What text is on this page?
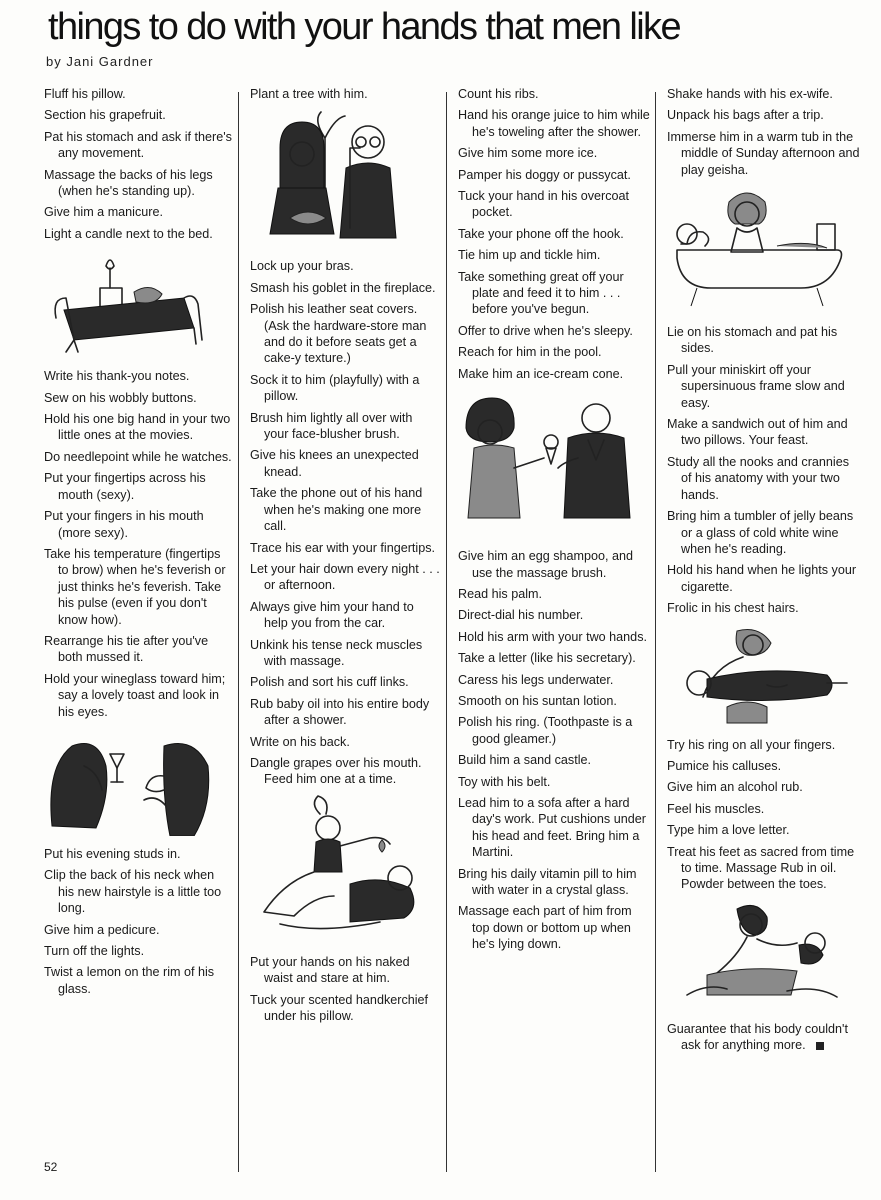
things to do with your hands that men like
by Jani Gardner
Fluff his pillow.
Section his grapefruit.
Pat his stomach and ask if there's any movement.
Massage the backs of his legs (when he's standing up).
Give him a manicure.
Light a candle next to the bed.
Write his thank-you notes.
Sew on his wobbly buttons.
Hold his one big hand in your two little ones at the movies.
Do needlepoint while he watches.
Put your fingertips across his mouth (sexy).
Put your fingers in his mouth (more sexy).
Take his temperature (fingertips to brow) when he's feverish or just thinks he's feverish. Take his pulse (even if you don't know how).
Rearrange his tie after you've both mussed it.
Hold your wineglass toward him; say a lovely toast and look in his eyes.
Put his evening studs in.
Clip the back of his neck when his new hairstyle is a little too long.
Give him a pedicure.
Turn off the lights.
Twist a lemon on the rim of his glass.
Plant a tree with him.
Lock up your bras.
Smash his goblet in the fireplace.
Polish his leather seat covers. (Ask the hardware-store man and do it before seats get a cake-y texture.)
Sock it to him (playfully) with a pillow.
Brush him lightly all over with your face-blusher brush.
Give his knees an unexpected knead.
Take the phone out of his hand when he's making one more call.
Trace his ear with your fingertips.
Let your hair down every night . . . or afternoon.
Always give him your hand to help you from the car.
Unkink his tense neck muscles with massage.
Polish and sort his cuff links.
Rub baby oil into his entire body after a shower.
Write on his back.
Dangle grapes over his mouth. Feed him one at a time.
Put your hands on his naked waist and stare at him.
Tuck your scented handkerchief under his pillow.
Count his ribs.
Hand his orange juice to him while he's toweling after the shower.
Give him some more ice.
Pamper his doggy or pussycat.
Tuck your hand in his overcoat pocket.
Take your phone off the hook.
Tie him up and tickle him.
Take something great off your plate and feed it to him . . . before you've begun.
Offer to drive when he's sleepy.
Reach for him in the pool.
Make him an ice-cream cone.
Give him an egg shampoo, and use the massage brush.
Read his palm.
Direct-dial his number.
Hold his arm with your two hands.
Take a letter (like his secretary).
Caress his legs underwater.
Smooth on his suntan lotion.
Polish his ring. (Toothpaste is a good gleamer.)
Build him a sand castle.
Toy with his belt.
Lead him to a sofa after a hard day's work. Put cushions under his head and feet. Bring him a Martini.
Bring his daily vitamin pill to him with water in a crystal glass.
Massage each part of him from top down or bottom up when he's lying down.
Shake hands with his ex-wife.
Unpack his bags after a trip.
Immerse him in a warm tub in the middle of Sunday afternoon and play geisha.
Lie on his stomach and pat his sides.
Pull your miniskirt off your supersinuous frame slow and easy.
Make a sandwich out of him and two pillows. Your feast.
Study all the nooks and crannies of his anatomy with your two hands.
Bring him a tumbler of jelly beans or a glass of cold white wine when he's reading.
Hold his hand when he lights your cigarette.
Frolic in his chest hairs.
Try his ring on all your fingers.
Pumice his calluses.
Give him an alcohol rub.
Feel his muscles.
Type him a love letter.
Treat his feet as sacred from time to time. Massage Rub in oil. Powder between the toes.
Guarantee that his body couldn't ask for anything more.
52
